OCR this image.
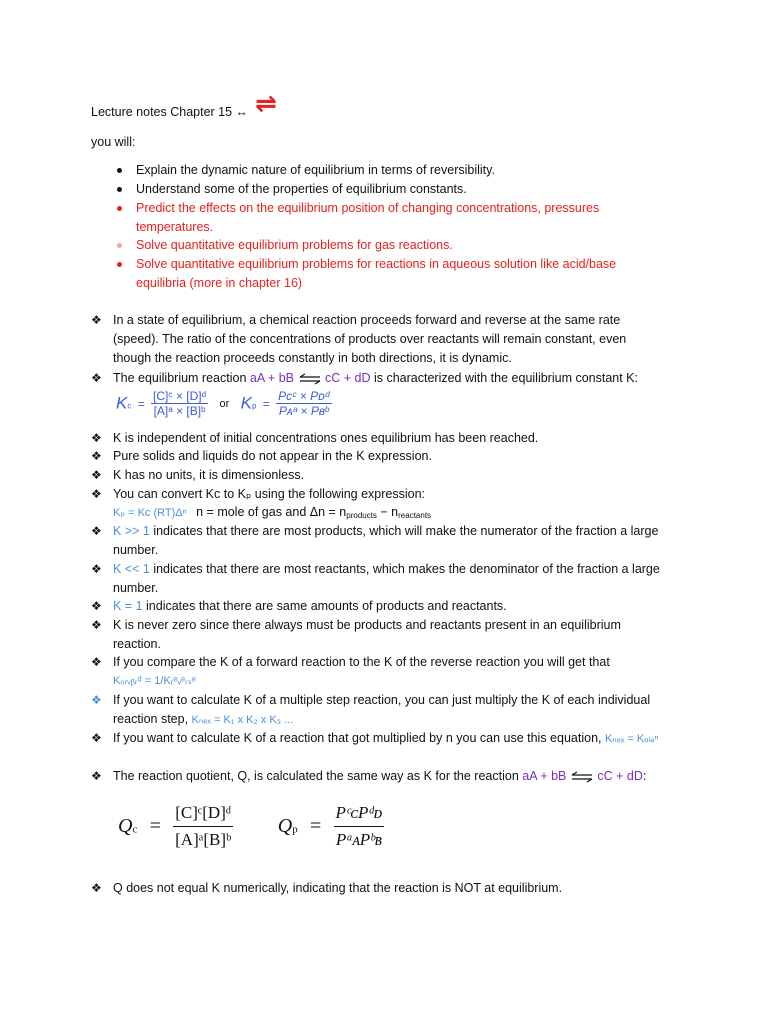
Lecture notes Chapter 15 ↔ ⇌
you will:
Explain the dynamic nature of equilibrium in terms of reversibility.
Understand some of the properties of equilibrium constants.
Predict the effects on the equilibrium position of changing concentrations, pressures
temperatures.
Solve quantitative equilibrium problems for gas reactions.
Solve quantitative equilibrium problems for reactions in aqueous solution like acid/base
equilibria (more in chapter 16)
❖ In a state of equilibrium, a chemical reaction proceeds forward and reverse at the same rate
(speed). The ratio of the concentrations of products over reactants will remain constant, even
though the reaction proceeds constantly in both directions, it is dynamic.
❖ The equilibrium reaction aA + bB ⇌ cC + dD is characterized with the equilibrium constant K:
$K_c = \frac{\text{[C]ᶜ × [D]ᵈ}}{\text{[A]ᵃ × [B]ᵇ}}$ or $K_p = \frac{\text{Pᴄᶜ × Pᴅᵈ}}{\text{Pᴀᵃ × Pʙᵇ}}$
❖ K is independent of initial concentrations ones equilibrium has been reached.
❖ Pure solids and liquids do not appear in the K expression.
❖ K has no units, it is dimensionless.
❖ You can convert Kᴄ to Kₚ using the following expression:
Kₚ = Kᴄ (RT)Δⁿ n = mole of gas and $\Delta n = n_{products} - n_{reactants}$
❖ K >> 1 indicates that there are most products, which will make the numerator of the fraction a large
number.
❖ K << 1 indicates that there are most reactants, which makes the denominator of the fraction a large
number.
❖ K = 1 indicates that there are same amounts of products and reactants.
❖ K is never zero since there always must be products and reactants present in an equilibrium
reaction.
❖ If you compare the K of a forward reaction to the K of the reverse reaction you will get that
Kₒᵣᵥᵦᵣᵈ = 1/Kᵣᵉᵥᵉᵣₛᵉ
❖ If you want to calculate K of a multiple step reaction, you can just multiply the K of each individual
reaction step, Kₙₑₓ = K₁ x K₂ x K₃ ...
❖ If you want to calculate K of a reaction that got multiplied by n you can use this equation, Kₙₑₓ = Kₒₗₔⁿ
❖ The reaction quotient, Q, is calculated the same way as K for the reaction aA + bB ⇌ cC + dD:
$Qc = \frac{\text{[C]ᶜ[D]ᵈ}}{\text{[A]ᵃ[B]ᵇ}}$ $Qp = \frac{\text{PᶜᴄPᵈᴅ}}{\text{PᵃᴀPᵇʙ}}$
❖ Q does not equal K numerically, indicating that the reaction is NOT at equilibrium.
